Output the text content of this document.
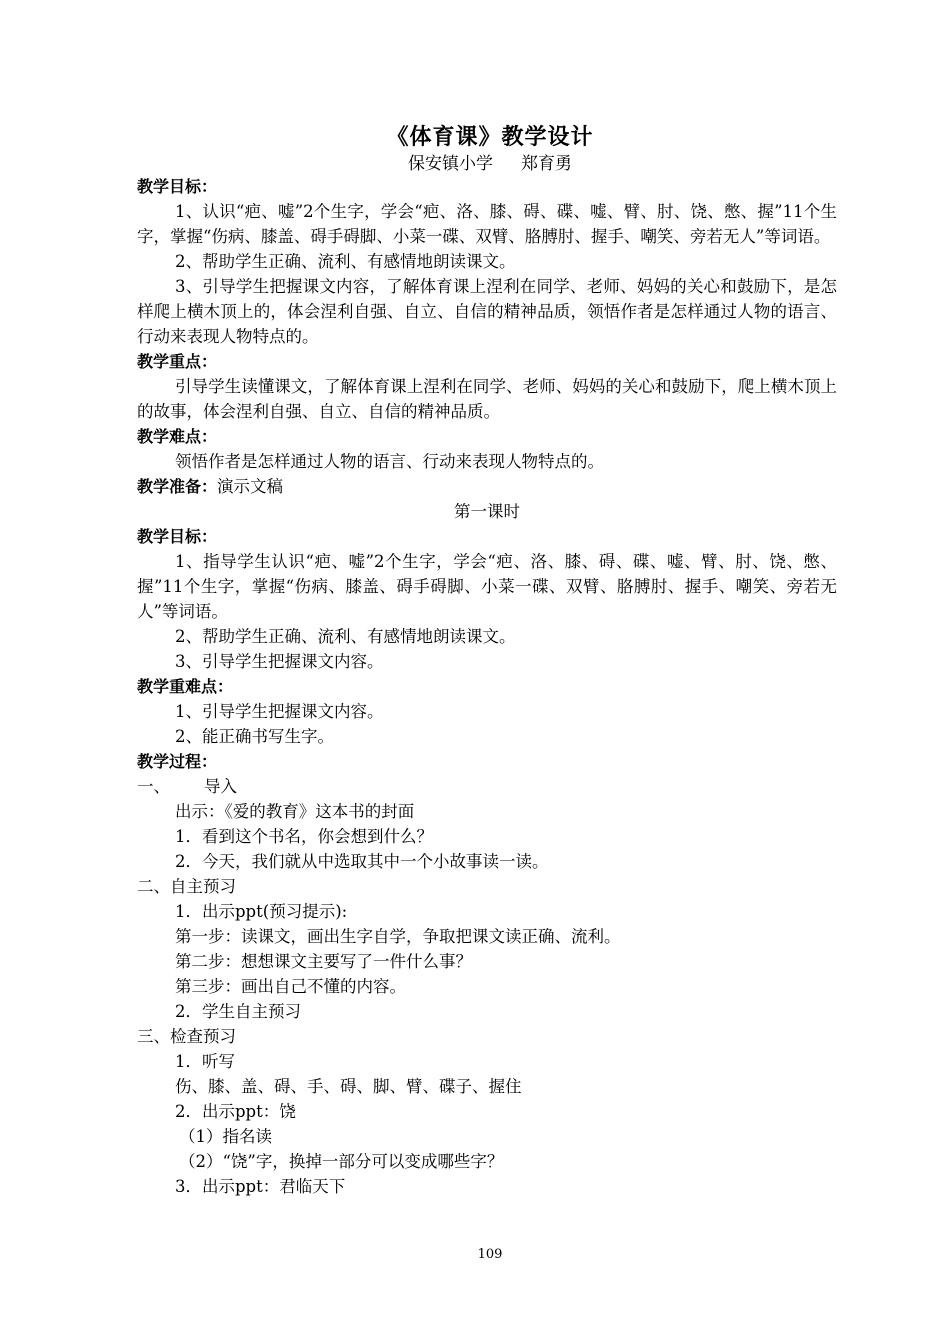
《体育课》教学设计
保安镇小学 郑育勇
教学目标：
1、认识“疤、嘘”2个生字，学会“疤、洛、膝、碍、碟、嘘、臂、肘、饶、憋、握”11个生字，掌握“伤病、膝盖、碍手碍脚、小菜一碟、双臂、胳膊肘、握手、嘲笑、旁若无人”等词语。
2、帮助学生正确、流利、有感情地朗读课文。
3、引导学生把握课文内容，了解体育课上涅利在同学、老师、妈妈的关心和鼓励下，是怎样爬上横木顶上的，体会涅利自强、自立、自信的精神品质，领悟作者是怎样通过人物的语言、行动来表现人物特点的。
教学重点：
引导学生读懂课文，了解体育课上涅利在同学、老师、妈妈的关心和鼓励下，爬上横木顶上的故事，体会涅利自强、自立、自信的精神品质。
教学难点：
领悟作者是怎样通过人物的语言、行动来表现人物特点的。
教学准备：演示文稿
第一课时
教学目标：
1、指导学生认识“疤、嘘”2个生字，学会“疤、洛、膝、碍、碟、嘘、臂、肘、饶、憋、握”11个生字，掌握“伤病、膝盖、碍手碍脚、小菜一碟、双臂、胳膊肘、握手、嘲笑、旁若无人”等词语。
2、帮助学生正确、流利、有感情地朗读课文。
3、引导学生把握课文内容。
教学重难点：
1、引导学生把握课文内容。
2、能正确书写生字。
教学过程：
一、 导入
出示：《爱的教育》这本书的封面
1．看到这个书名，你会想到什么？
2．今天，我们就从中选取其中一个小故事读一读。
二、自主预习
1．出示ppt(预习提示):
第一步：读课文，画出生字自学，争取把课文读正确、流利。
第二步：想想课文主要写了一件什么事？
第三步：画出自己不懂的内容。
2．学生自主预习
三、检查预习
1．听写
伤、膝、盖、碍、手、碍、脚、臂、碟子、握住
2．出示ppt：饶
（1）指名读
（2）“饶”字，换掉一部分可以变成哪些字？
3．出示ppt：君临天下
109
